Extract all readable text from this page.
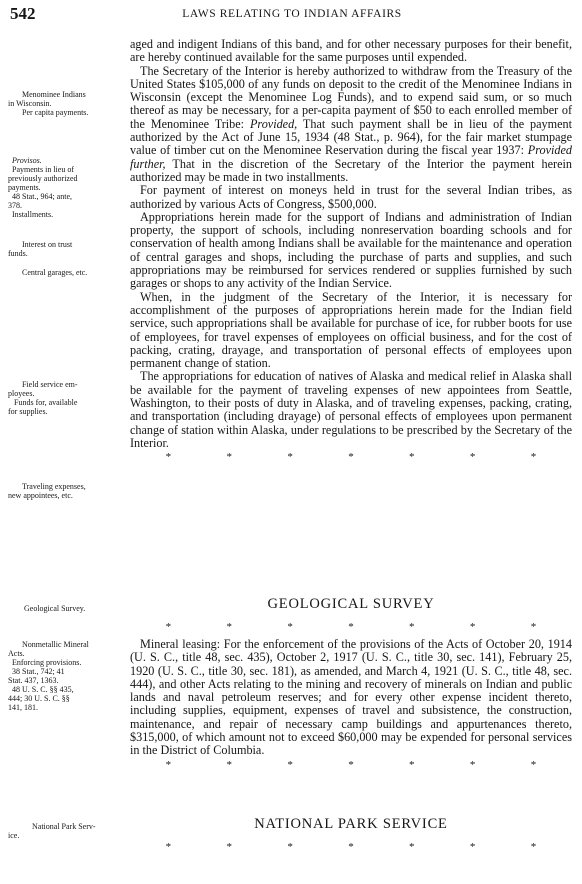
542	LAWS RELATING TO INDIAN AFFAIRS
Menominee Indians
in Wisconsin.
Per capita payments.
Provisos.
Payments in lieu of
previously authorized
payments.
48 Stat., 964; ante,
378.
Installments.
Interest on trust
funds.
Central garages, etc.
Field service em-
ployees.
Funds for, available
for supplies.
Traveling expenses,
new appointees, etc.
Geological Survey.
Nonmetallic Mineral
Acts.
Enforcing provisions.
38 Stat., 742; 41
Stat. 437, 1363.
48 U. S. C. §§ 435,
444; 30 U. S. C. §§
141, 181.
National Park Serv-
ice.

aged and indigent Indians of this band, and for other necessary purposes for their benefit, are hereby continued available for the same purposes until expended.

The Secretary of the Interior is hereby authorized to withdraw from the Treasury of the United States $105,000 of any funds on deposit to the credit of the Menominee Indians in Wisconsin (except the Menominee Log Funds), and to expend said sum, or so much thereof as may be necessary, for a per-capita payment of $50 to each enrolled member of the Menominee Tribe: Provided, That such payment shall be in lieu of the payment authorized by the Act of June 15, 1934 (48 Stat., p. 964), for the fair market stumpage value of timber cut on the Menominee Reservation during the fiscal year 1937: Provided further, That in the discretion of the Secretary of the Interior the payment herein authorized may be made in two installments.

For payment of interest on moneys held in trust for the several Indian tribes, as authorized by various Acts of Congress, $500,000.

Appropriations herein made for the support of Indians and administration of Indian property, the support of schools, including nonreservation boarding schools and for conservation of health among Indians shall be available for the maintenance and operation of central garages and shops, including the purchase of parts and supplies, and such appropriations may be reimbursed for services rendered or supplies furnished by such garages or shops to any activity of the Indian Service.

When, in the judgment of the Secretary of the Interior, it is necessary for accomplishment of the purposes of appropriations herein made for the Indian field service, such appropriations shall be available for purchase of ice, for rubber boots for use of employees, for travel expenses of employees on official business, and for the cost of packing, crating, drayage, and transportation of personal effects of employees upon permanent change of station.

The appropriations for education of natives of Alaska and medical relief in Alaska shall be available for the payment of traveling expenses of new appointees from Seattle, Washington, to their posts of duty in Alaska, and of traveling expenses, packing, crating, and transportation (including drayage) of personal effects of employees upon permanent change of station within Alaska, under regulations to be prescribed by the Secretary of the Interior.

*	*	*	*	*	*	*
GEOLOGICAL SURVEY
*	*	*	*	*	*	*

Mineral leasing: For the enforcement of the provisions of the Acts of October 20, 1914 (U. S. C., title 48, sec. 435), October 2, 1917 (U. S. C., title 30, sec. 141), February 25, 1920 (U. S. C., title 30, sec. 181), as amended, and March 4, 1921 (U. S. C., title 48, sec. 444), and other Acts relating to the mining and recovery of minerals on Indian and public lands and naval petroleum reserves; and for every other expense incident thereto, including supplies, equipment, expenses of travel and subsistence, the construction, maintenance, and repair of necessary camp buildings and appurtenances thereto, $315,000, of which amount not to exceed $60,000 may be expended for personal services in the District of Columbia.

*	*	*	*	*	*	*
NATIONAL PARK SERVICE
*	*	*	*	*	*	*
